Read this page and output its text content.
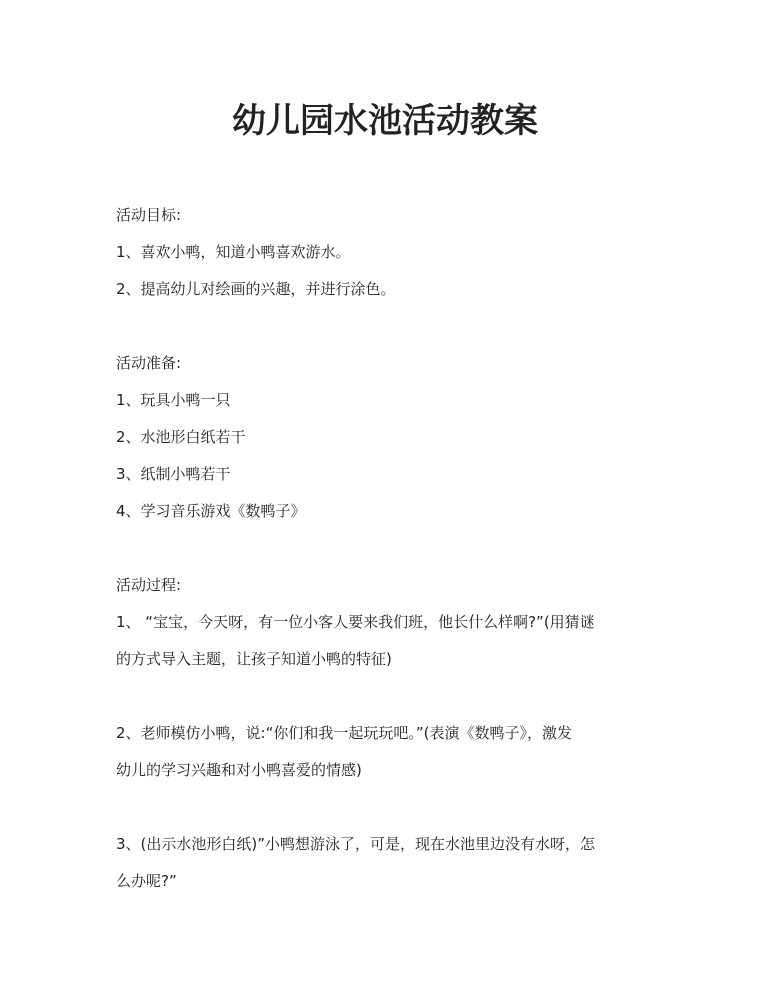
幼儿园水池活动教案
活动目标:
1、喜欢小鸭，知道小鸭喜欢游水。
2、提高幼儿对绘画的兴趣，并进行涂色。
活动准备:
1、玩具小鸭一只
2、水池形白纸若干
3、纸制小鸭若干
4、学习音乐游戏《数鸭子》
活动过程:
1、 “宝宝，今天呀，有一位小客人要来我们班，他长什么样啊?”(用猜谜
的方式导入主题，让孩子知道小鸭的特征)
2、老师模仿小鸭，说:“你们和我一起玩玩吧。”(表演《数鸭子》，激发
幼儿的学习兴趣和对小鸭喜爱的情感)
3、(出示水池形白纸)”小鸭想游泳了，可是，现在水池里边没有水呀，怎
么办呢?”
